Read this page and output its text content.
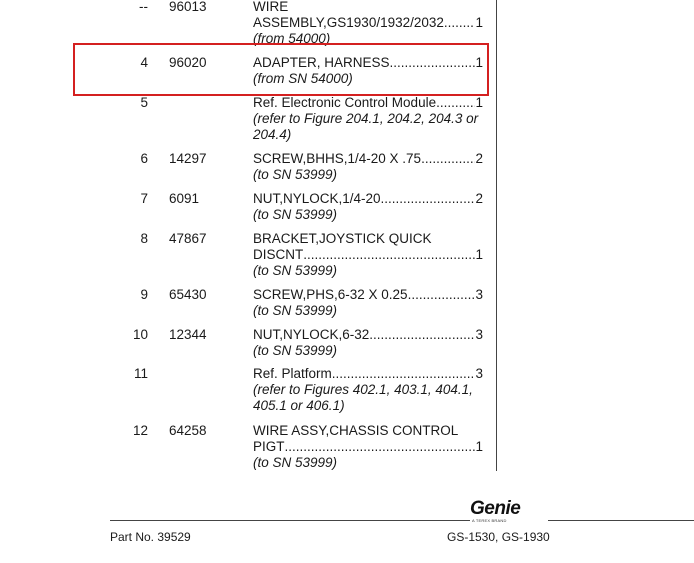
-- 96013	WIRE
ASSEMBLY,GS1930/1932/2032 ..... 1
(from 54000)
4 96020	ADAPTER, HARNESS .....	1
(from SN 54000)
5	Ref. Electronic Control Module .....	1
(refer to Figure 204.1, 204.2, 204.3 or 204.4)
6 14297	SCREW,BHHS,1/4-20 X .75 .....	2
(to SN 53999)
7 6091	NUT,NYLOCK,1/4-20 .....	2
(to SN 53999)
8 47867	BRACKET,JOYSTICK QUICK
DISCNT .....	1
(to SN 53999)
9 65430	SCREW,PHS,6-32 X 0.25 .....	3
(to SN 53999)
10 12344	NUT,NYLOCK,6-32 .....	3
(to SN 53999)
11	Ref. Platform .....	3
(refer to Figures 402.1, 403.1, 404.1, 405.1 or 406.1)
12 64258	WIRE ASSY,CHASSIS CONTROL
PIGT .....	1
(to SN 53999)
Genie
A TEREX BRAND
Part No. 39529	GS-1530, GS-1930
